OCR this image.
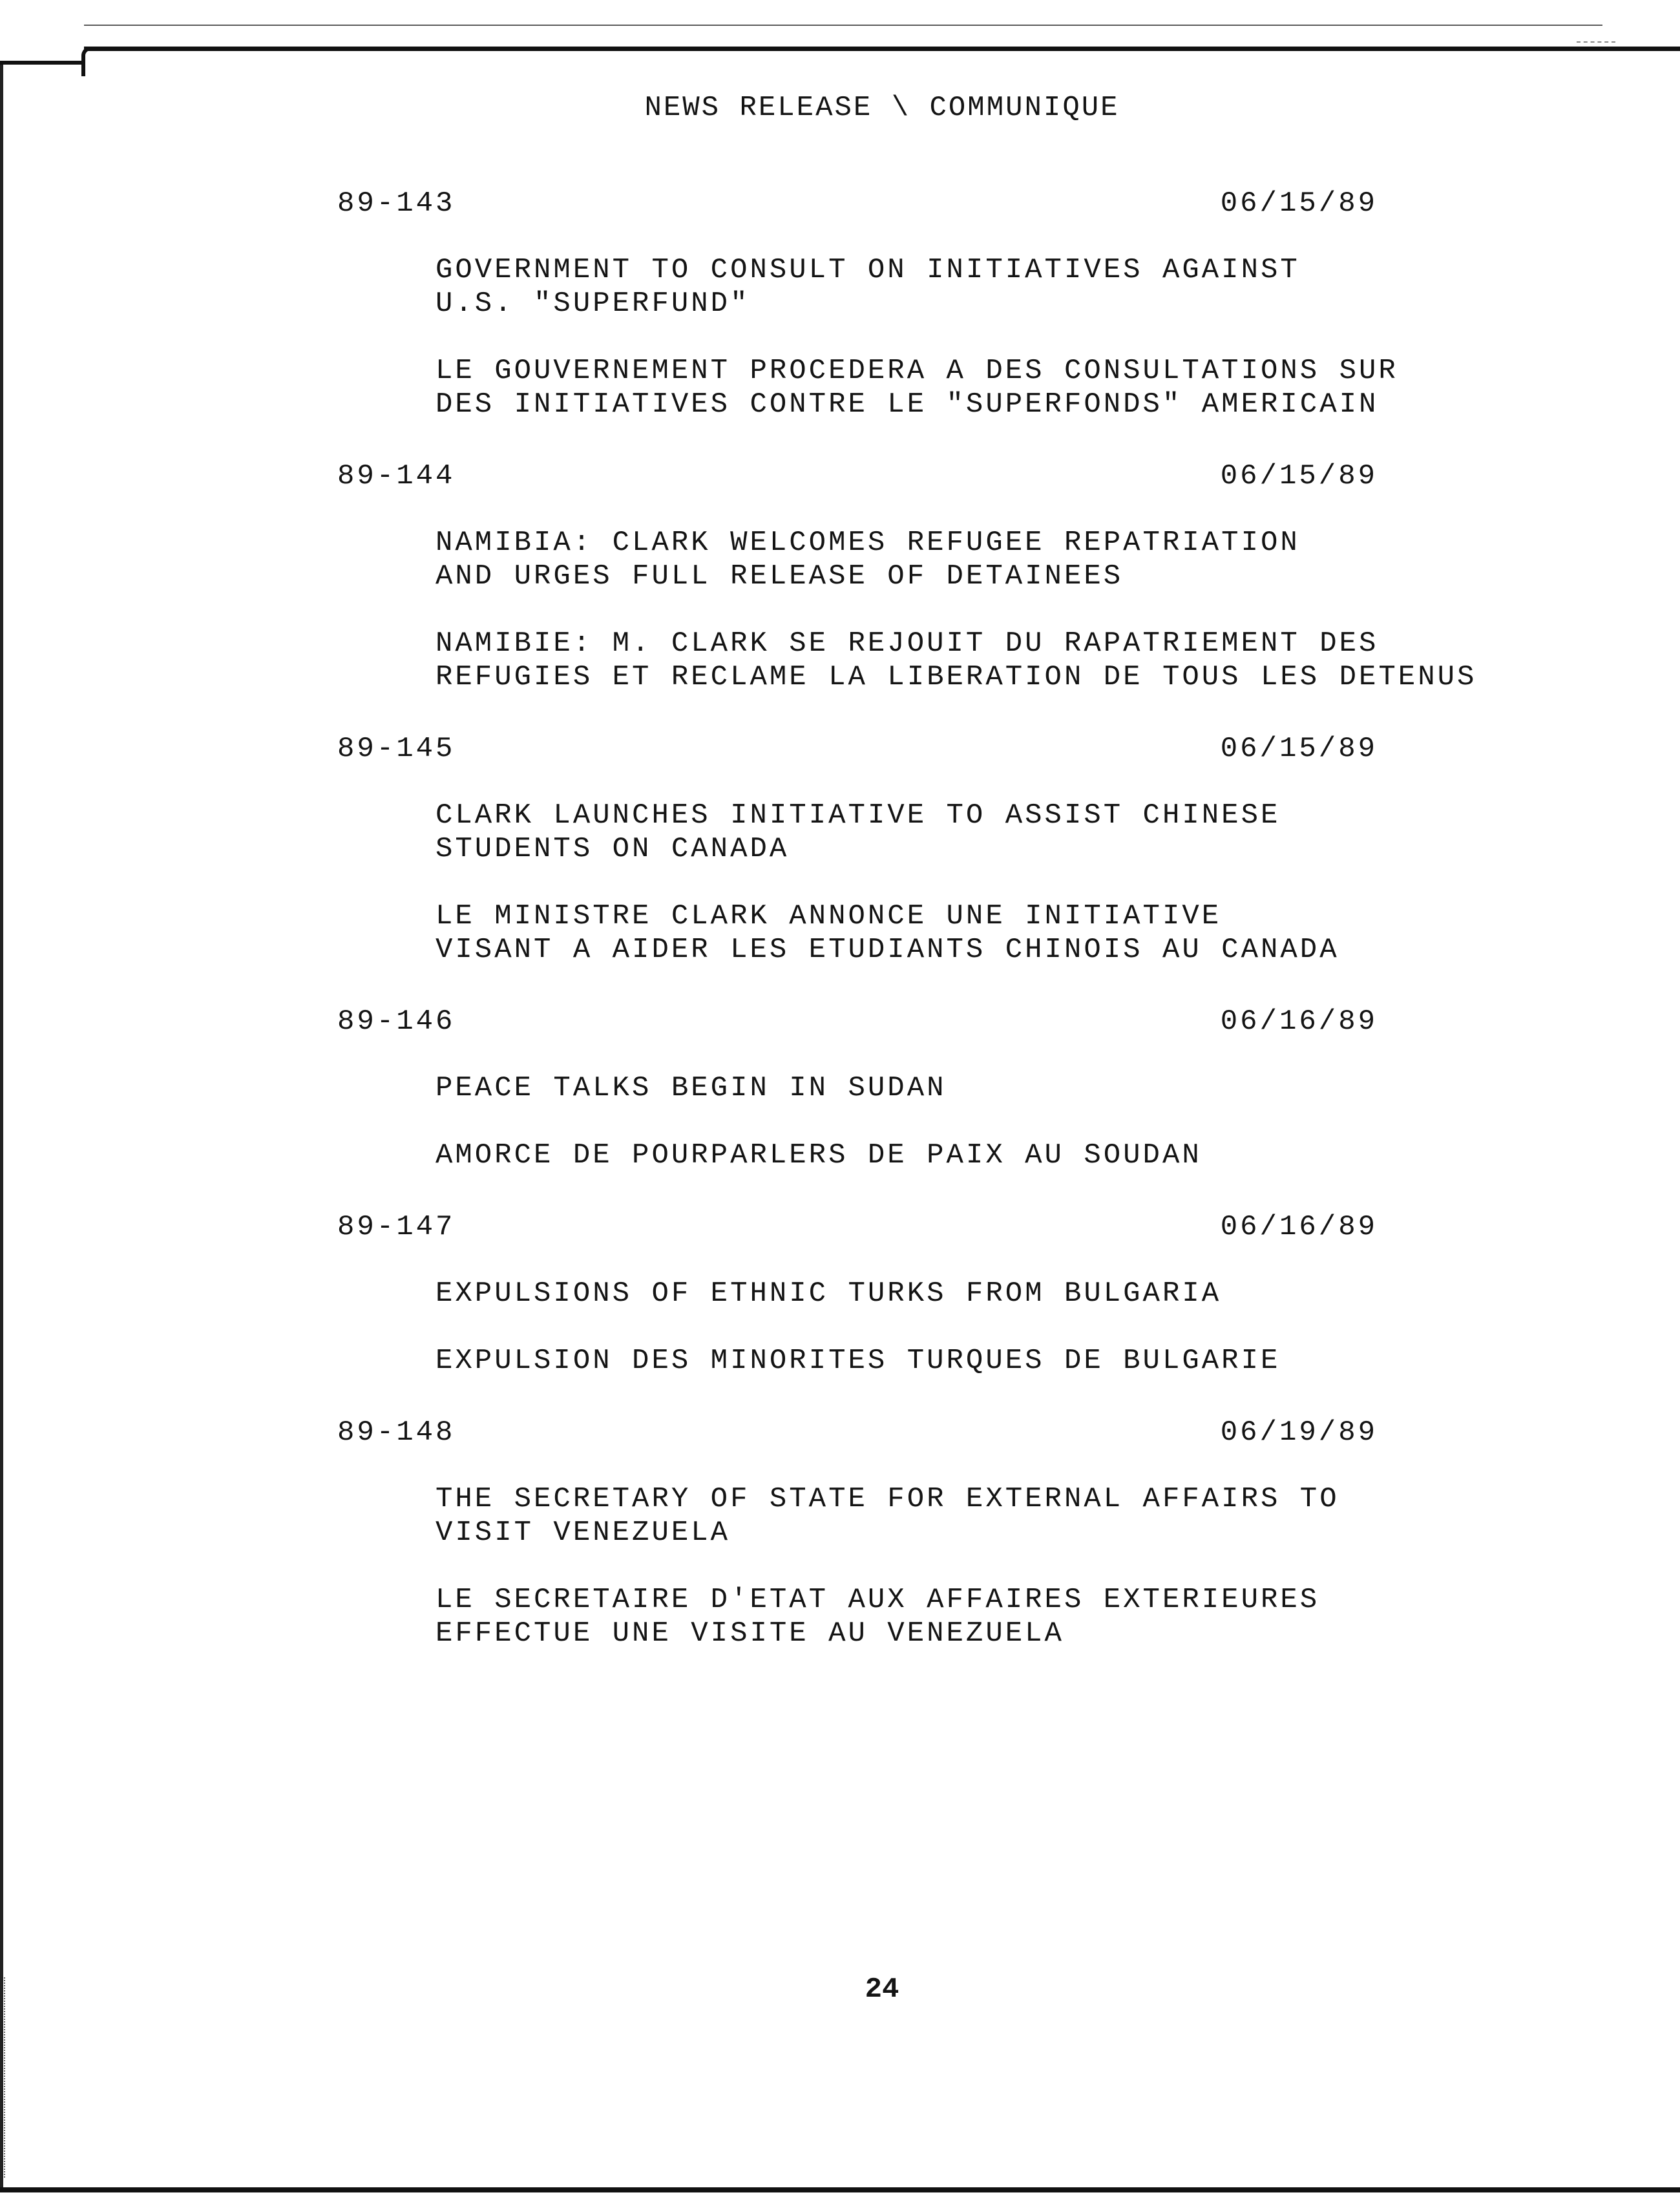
NEWS RELEASE \ COMMUNIQUE
89-143	06/15/89
GOVERNMENT TO CONSULT ON INITIATIVES AGAINST
U.S. "SUPERFUND"
LE GOUVERNEMENT PROCEDERA A DES CONSULTATIONS SUR
DES INITIATIVES CONTRE LE "SUPERFONDS" AMERICAIN
89-144	06/15/89
NAMIBIA: CLARK WELCOMES REFUGEE REPATRIATION
AND URGES FULL RELEASE OF DETAINEES
NAMIBIE: M. CLARK SE REJOUIT DU RAPATRIEMENT DES
REFUGIES ET RECLAME LA LIBERATION DE TOUS LES DETENUS
89-145	06/15/89
CLARK LAUNCHES INITIATIVE TO ASSIST CHINESE
STUDENTS ON CANADA
LE MINISTRE CLARK ANNONCE UNE INITIATIVE
VISANT A AIDER LES ETUDIANTS CHINOIS AU CANADA
89-146	06/16/89
PEACE TALKS BEGIN IN SUDAN
AMORCE DE POURPARLERS DE PAIX AU SOUDAN
89-147	06/16/89
EXPULSIONS OF ETHNIC TURKS FROM BULGARIA
EXPULSION DES MINORITES TURQUES DE BULGARIE
89-148	06/19/89
THE SECRETARY OF STATE FOR EXTERNAL AFFAIRS TO
VISIT VENEZUELA
LE SECRETAIRE D'ETAT AUX AFFAIRES EXTERIEURES
EFFECTUE UNE VISITE AU VENEZUELA
24
